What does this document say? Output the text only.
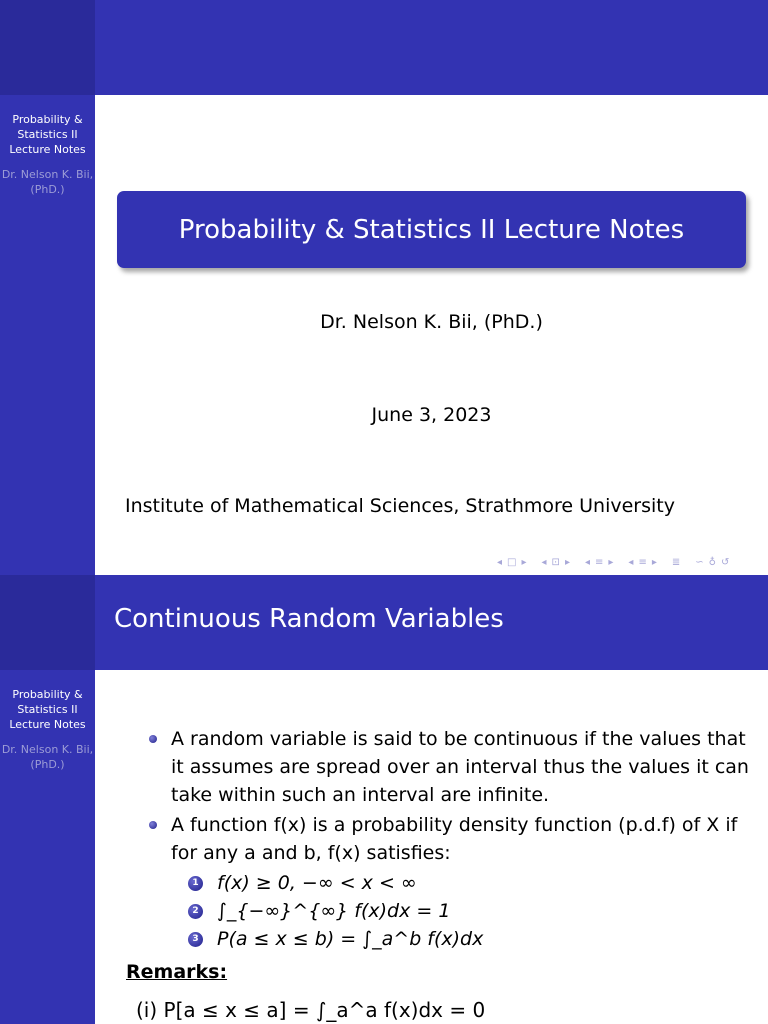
Probability & Statistics II Lecture Notes
Dr. Nelson K. Bii, (PhD.)
Probability & Statistics II Lecture Notes
Dr. Nelson K. Bii, (PhD.)
June 3, 2023
Institute of Mathematical Sciences, Strathmore University
◂ □ ▸ ◂ ⊡ ▸ ◂ ≡ ▸ ◂ ≡ ▸ ≣ ∽ ♁ ↺
Continuous Random Variables
Probability & Statistics II Lecture Notes
Dr. Nelson K. Bii, (PhD.)
A random variable is said to be continuous if the values that it assumes are spread over an interval thus the values it can take within such an interval are infinite.
A function f(x) is a probability density function (p.d.f) of X if for any a and b, f(x) satisfies:
1 f(x) ≥ 0, −∞ < x < ∞
2 ∫_{−∞}^{∞} f(x)dx = 1
3 P(a ≤ x ≤ b) = ∫_a^b f(x)dx
Remarks:
(i) P[a ≤ x ≤ a] = ∫_a^a f(x)dx = 0
